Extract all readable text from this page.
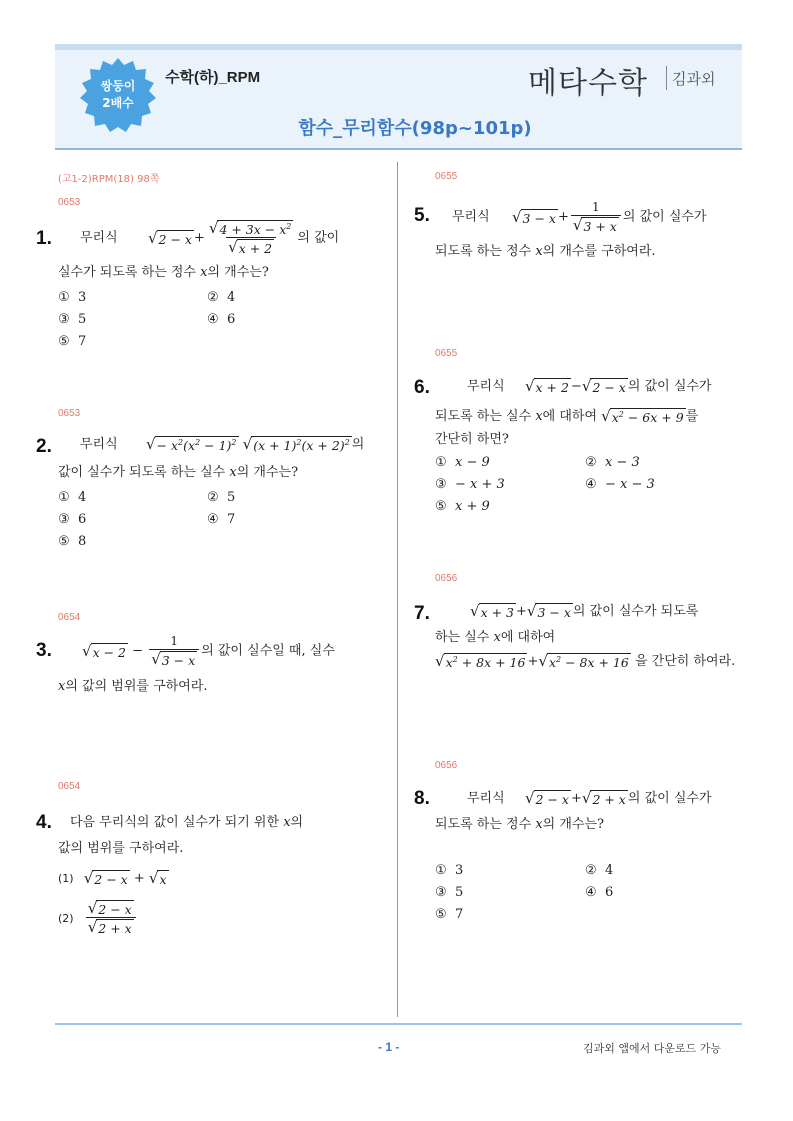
쌍둥이
2배수
수학(하)_RPM	메타수학 김과외
함수_무리함수(98p~101p)
(고1-2)RPM(18) 98쪽
0653
1. 무리식 √ $2 - x + \frac{√ 4 + 3x - x^2}{√ x + 2}$ 의 값이
실수가 되도록 하는 정수 x의 개수는?
① 3	② 4
③ 5	④ 6
⑤ 7
0653
2. 무리식 √ − $x^2(x^2 - 1)^2$
√ $(x + 1)^2(x + 2)^2$ 의
값이 실수가 되도록 하는 실수 x의 개수는?
① 4	② 5
③ 6	④ 7
⑤ 8
0654
3. √ $x - 2 - \frac{1}{√ 3 - x}$ 의 값이 실수일 때, 실수
x의 값의 범위를 구하여라.
0654
4. 다음 무리식의 값이 실수가 되기 위한 x의
값의 범위를 구하여라.
(1) √ 2 − x + √ x
$(2) \frac{√ 2 - x}{√ 2 + x}$
0655
5. 무리식 √ $3 - x + \frac{1}{√ 3 + x}$ 의 값이 실수가
되도록 하는 정수 x의 개수를 구하여라.
0655
6.	무리식 √ x + 2 − √ 2 − x 의 값이 실수가
되도록 하는 실수 x에 대하여 √ $x^2 - 6x + 9$ 를
간단히 하면?
① x − 9	② x − 3
③ − x + 3	④ − x − 3
⑤ x + 9
0656
7.	√ x + 3 + √ 3 − x 의 값이 실수가 되도록
하는 실수 x에 대하여
√ $x^2 + 8x + 16$ + √ $x^2 - 8x + 16$ 을 간단히 하여라.
0656
8.	무리식 √ 2 − x + √ 2 + x 의 값이 실수가
되도록 하는 정수 x의 개수는?
① 3	② 4
③ 5	④ 6
⑤ 7
- 1 -	김과외 앱에서 다운로드 가능
